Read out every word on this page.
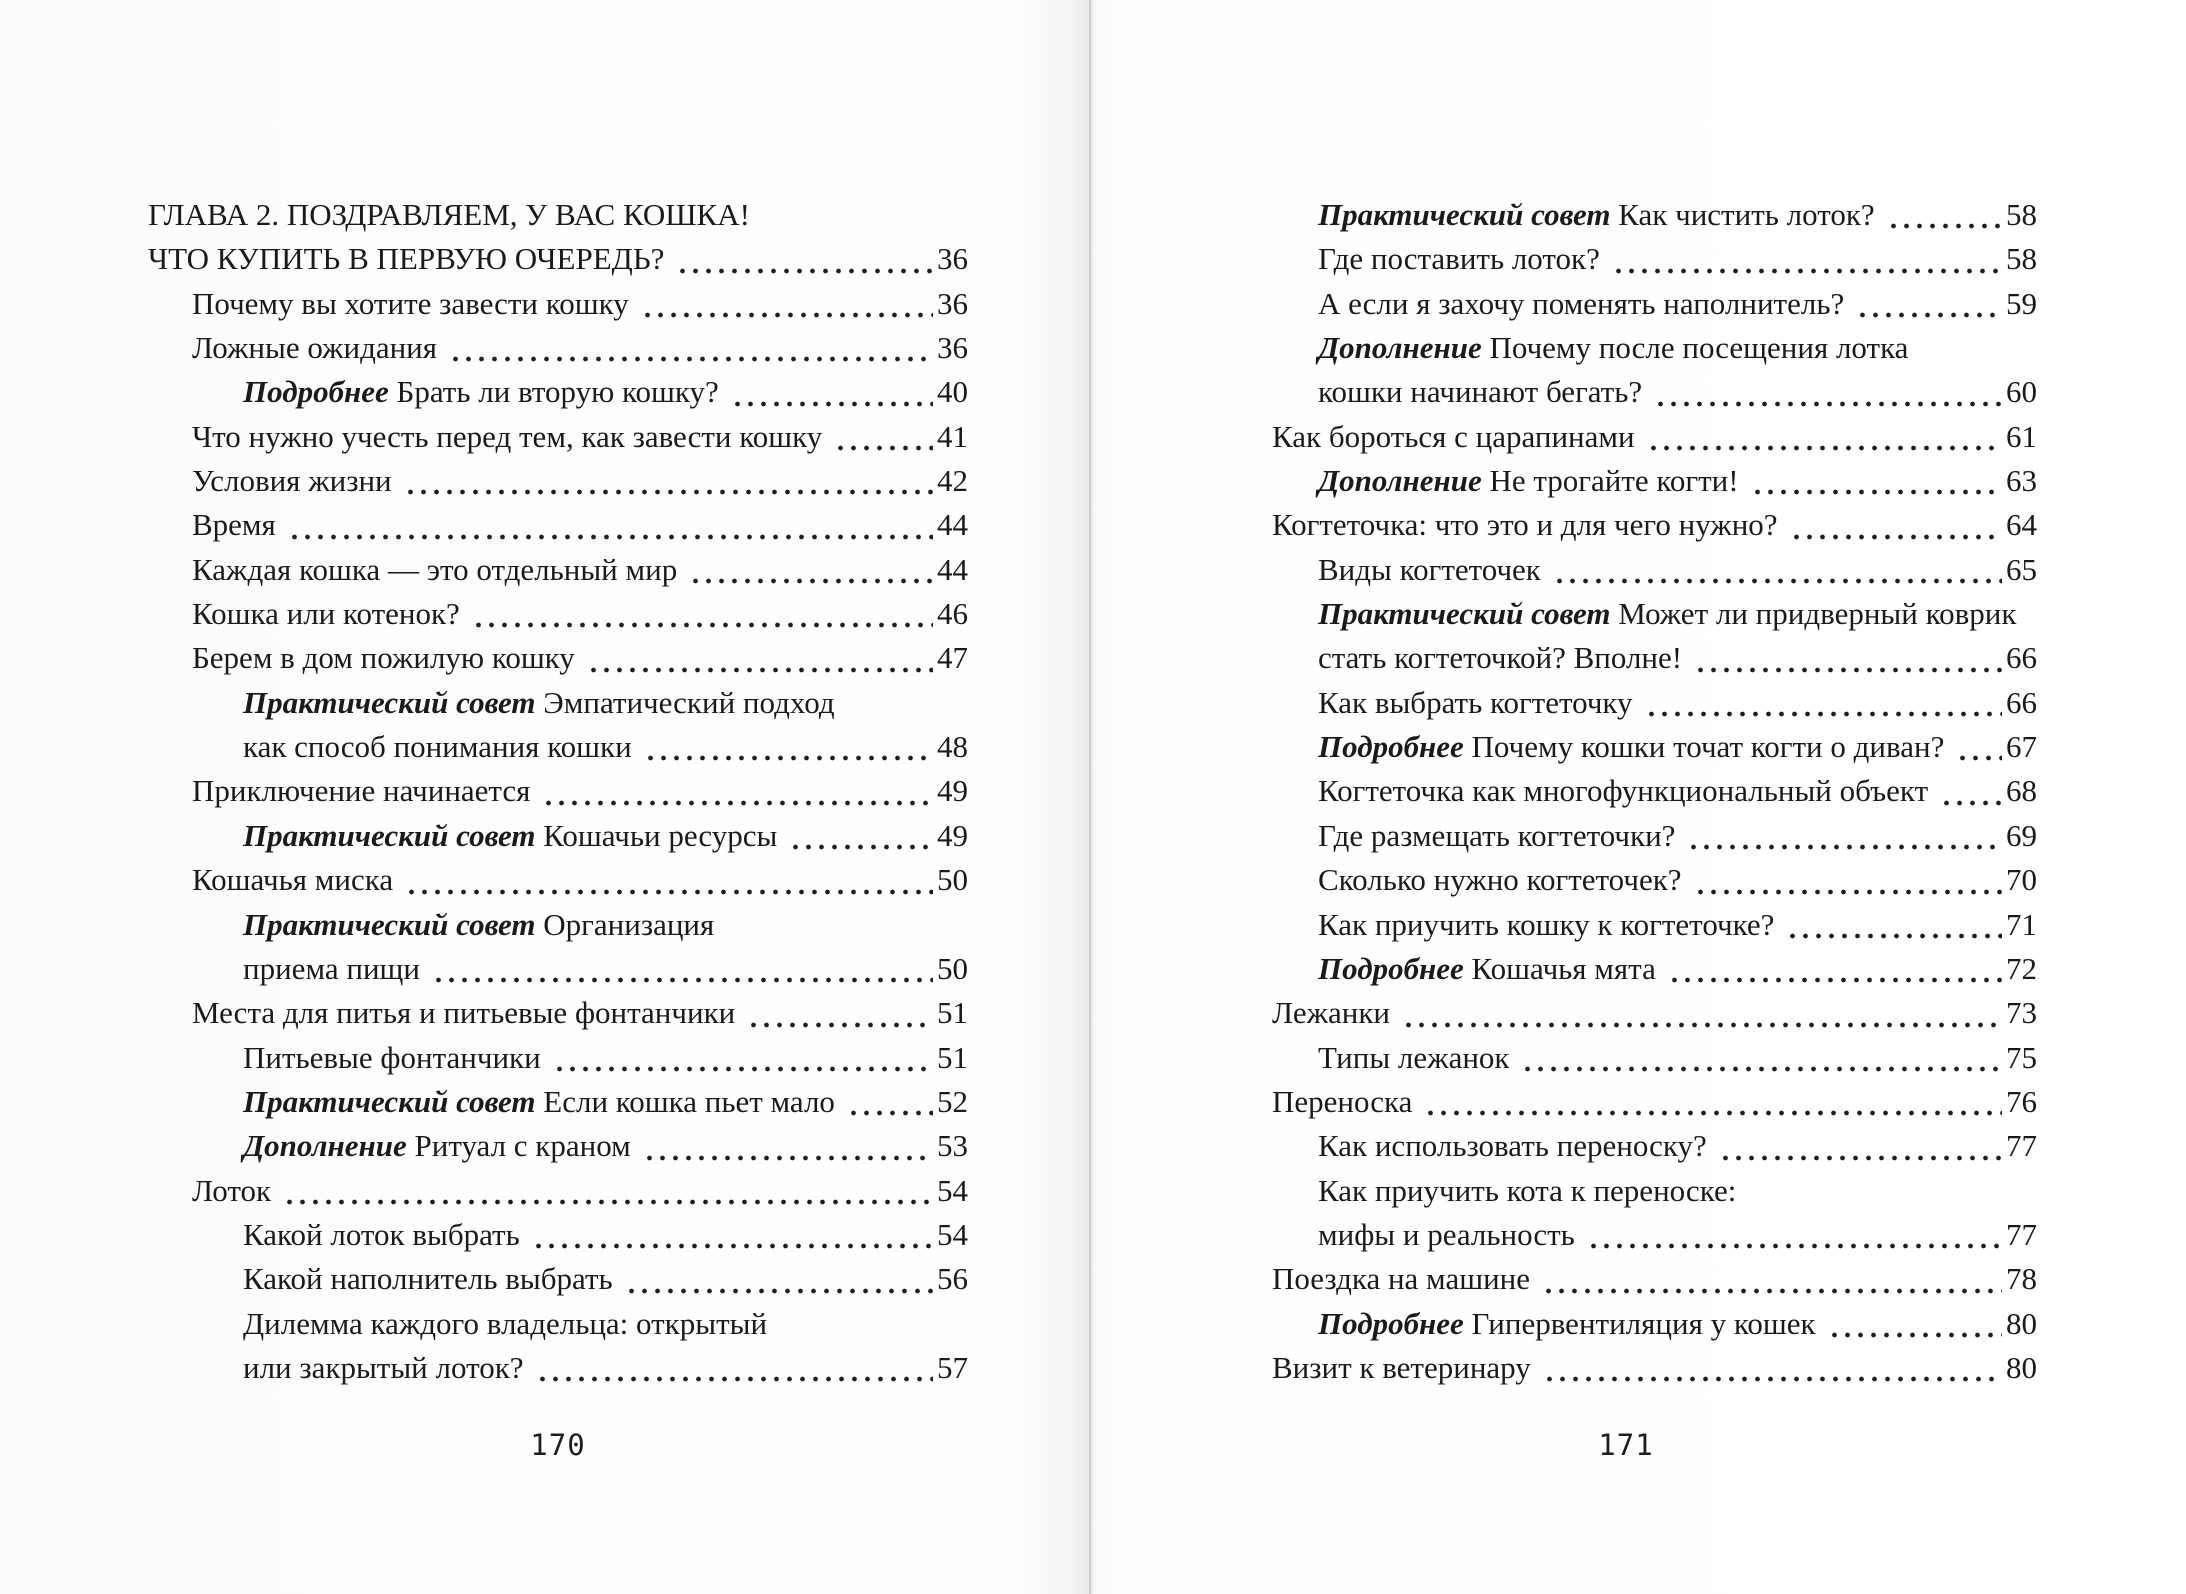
ГЛАВА 2. ПОЗДРАВЛЯЕМ, У ВАС КОШКА!
ЧТО КУПИТЬ В ПЕРВУЮ ОЧЕРЕДЬ?	36
Почему вы хотите завести кошку	36
Ложные ожидания	36
Подробнее Брать ли вторую кошку?	40
Что нужно учесть перед тем, как завести кошку	41
Условия жизни	42
Время	44
Каждая кошка — это отдельный мир	44
Кошка или котенок?	46
Берем в дом пожилую кошку	47
Практический совет Эмпатический подход
как способ понимания кошки	48
Приключение начинается	49
Практический совет Кошачьи ресурсы	49
Кошачья миска	50
Практический совет Организация
приема пищи	50
Места для питья и питьевые фонтанчики	51
Питьевые фонтанчики	51
Практический совет Если кошка пьет мало	52
Дополнение Ритуал с краном	53
Лоток	54
Какой лоток выбрать	54
Какой наполнитель выбрать	56
Дилемма каждого владельца: открытый
или закрытый лоток?	57
Практический совет Как чистить лоток?	58
Где поставить лоток?	58
А если я захочу поменять наполнитель?	59
Дополнение Почему после посещения лотка
кошки начинают бегать?	60
Как бороться с царапинами	61
Дополнение Не трогайте когти!	63
Когтеточка: что это и для чего нужно?	64
Виды когтеточек	65
Практический совет Может ли придверный коврик
стать когтеточкой? Вполне!	66
Как выбрать когтеточку	66
Подробнее Почему кошки точат когти о диван? 67
Когтеточка как многофункциональный объект	68
Где размещать когтеточки?	69
Сколько нужно когтеточек?	70
Как приучить кошку к когтеточке?	71
Подробнее Кошачья мята	72
Лежанки	73
Типы лежанок	75
Переноска	76
Как использовать переноску?	77
Как приучить кота к переноске:
мифы и реальность	77
Поездка на машине	78
Подробнее Гипервентиляция у кошек	80
Визит к ветеринару	80
170	171
